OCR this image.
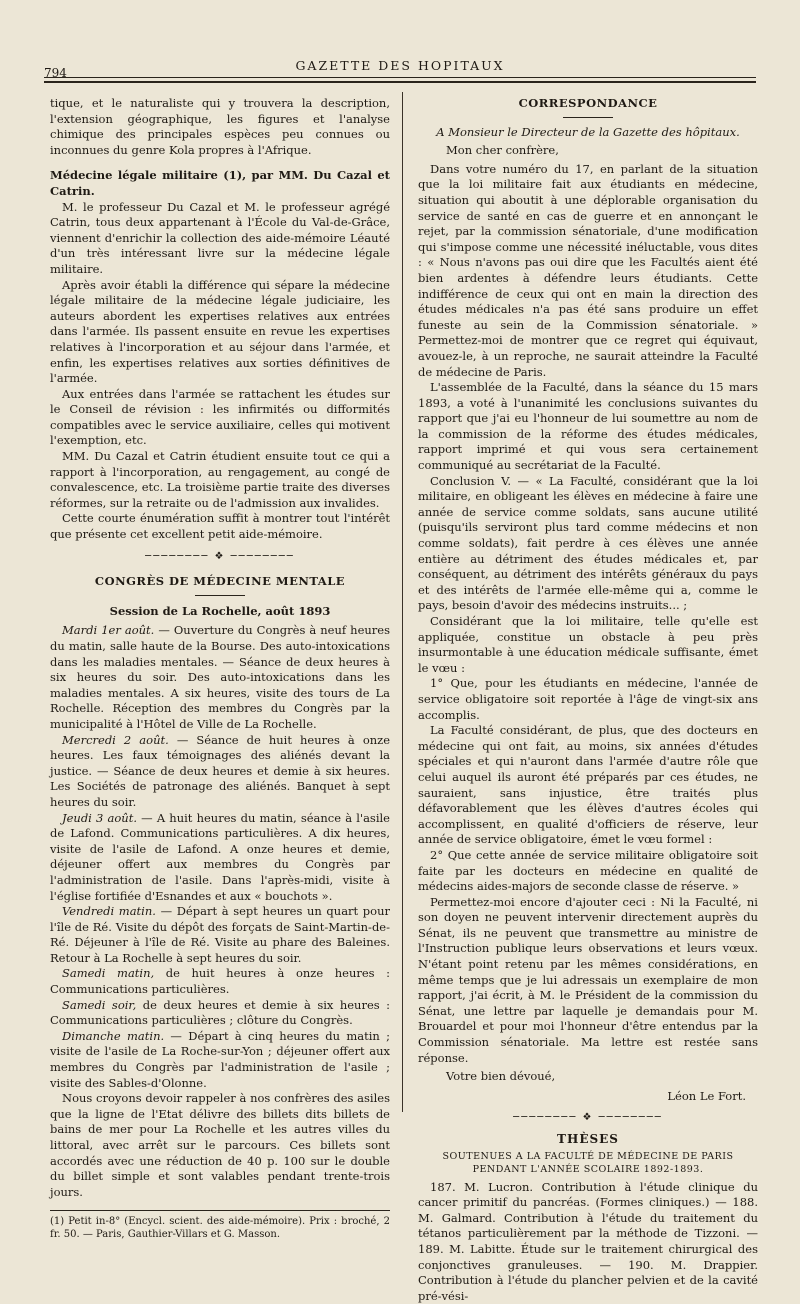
794	GAZETTE DES HOPITAUX

tique, et le naturaliste qui y trouvera la description, l'extension géographique, les figures et l'analyse chimique des principales espèces peu connues ou inconnues du genre Kola propres à l'Afrique.

Médecine légale militaire (1), par MM. Du Cazal et Catrin.

M. le professeur Du Cazal et M. le professeur agrégé Catrin, tous deux appartenant à l'École du Val-de-Grâce, viennent d'enrichir la collection des aide-mémoire Léauté d'un très intéressant livre sur la médecine légale militaire.

Après avoir établi la différence qui sépare la médecine légale militaire de la médecine légale judiciaire, les auteurs abordent les expertises relatives aux entrées dans l'armée. Ils passent ensuite en revue les expertises relatives à l'incorporation et au séjour dans l'armée, et enfin, les expertises relatives aux sorties définitives de l'armée.

Aux entrées dans l'armée se rattachent les études sur le Conseil de révision : les infirmités ou difformités compatibles avec le service auxiliaire, celles qui motivent l'exemption, etc.

MM. Du Cazal et Catrin étudient ensuite tout ce qui a rapport à l'incorporation, au rengagement, au congé de convalescence, etc. La troisième partie traite des diverses réformes, sur la retraite ou de l'admission aux invalides.

Cette courte énumération suffit à montrer tout l'intérêt que présente cet excellent petit aide-mémoire.

──────── ❖ ────────
CONGRÈS DE MÉDECINE MENTALE
Session de La Rochelle, août 1893

Mardi 1er août. — Ouverture du Congrès à neuf heures du matin, salle haute de la Bourse. Des auto-intoxications dans les maladies mentales. — Séance de deux heures à six heures du soir. Des auto-intoxications dans les maladies mentales. A six heures, visite des tours de La Rochelle. Réception des membres du Congrès par la municipalité à l'Hôtel de Ville de La Rochelle.

Mercredi 2 août. — Séance de huit heures à onze heures. Les faux témoignages des aliénés devant la justice. — Séance de deux heures et demie à six heures. Les Sociétés de patronage des aliénés. Banquet à sept heures du soir.

Jeudi 3 août. — A huit heures du matin, séance à l'asile de Lafond. Communications particulières. A dix heures, visite de l'asile de Lafond. A onze heures et demie, déjeuner offert aux membres du Congrès par l'administration de l'asile. Dans l'après-midi, visite à l'église fortifiée d'Esnandes et aux « bouchots ».

Vendredi matin. — Départ à sept heures un quart pour l'île de Ré. Visite du dépôt des forçats de Saint-Martin-de-Ré. Déjeuner à l'île de Ré. Visite au phare des Baleines. Retour à La Rochelle à sept heures du soir.

Samedi matin, de huit heures à onze heures : Communications particulières.

Samedi soir, de deux heures et demie à six heures : Communications particulières ; clôture du Congrès.

Dimanche matin. — Départ à cinq heures du matin ; visite de l'asile de La Roche-sur-Yon ; déjeuner offert aux membres du Congrès par l'administration de l'asile ; visite des Sables-d'Olonne.

Nous croyons devoir rappeler à nos confrères des asiles que la ligne de l'Etat délivre des billets dits billets de bains de mer pour La Rochelle et les autres villes du littoral, avec arrêt sur le parcours. Ces billets sont accordés avec une réduction de 40 p. 100 sur le double du billet simple et sont valables pendant trente-trois jours.

(1) Petit in-8° (Encycl. scient. des aide-mémoire). Prix : broché, 2 fr. 50. — Paris, Gauthier-Villars et G. Masson.
CORRESPONDANCE

A Monsieur le Directeur de la Gazette des hôpitaux.

Mon cher confrère,

Dans votre numéro du 17, en parlant de la situation que la loi militaire fait aux étudiants en médecine, situation qui aboutit à une déplorable organisation du service de santé en cas de guerre et en annonçant le rejet, par la commission sénatoriale, d'une modification qui s'impose comme une nécessité inéluctable, vous dites : « Nous n'avons pas oui dire que les Facultés aient été bien ardentes à défendre leurs étudiants. Cette indifférence de ceux qui ont en main la direction des études médicales n'a pas été sans produire un effet funeste au sein de la Commission sénatoriale. » Permettez-moi de montrer que ce regret qui équivaut, avouez-le, à un reproche, ne saurait atteindre la Faculté de médecine de Paris.

L'assemblée de la Faculté, dans la séance du 15 mars 1893, a voté à l'unanimité les conclusions suivantes du rapport que j'ai eu l'honneur de lui soumettre au nom de la commission de la réforme des études médicales, rapport imprimé et qui vous sera certainement communiqué au secrétariat de la Faculté.

Conclusion V. — « La Faculté, considérant que la loi militaire, en obligeant les élèves en médecine à faire une année de service comme soldats, sans aucune utilité (puisqu'ils serviront plus tard comme médecins et non comme soldats), fait perdre à ces élèves une année entière au détriment des études médicales et, par conséquent, au détriment des intérêts généraux du pays et des intérêts de l'armée elle-même qui a, comme le pays, besoin d'avoir des médecins instruits... ;

Considérant que la loi militaire, telle qu'elle est appliquée, constitue un obstacle à peu près insurmontable à une éducation médicale suffisante, émet le vœu :

1° Que, pour les étudiants en médecine, l'année de service obligatoire soit reportée à l'âge de vingt-six ans accomplis.

La Faculté considérant, de plus, que des docteurs en médecine qui ont fait, au moins, six années d'études spéciales et qui n'auront dans l'armée d'autre rôle que celui auquel ils auront été préparés par ces études, ne sauraient, sans injustice, être traités plus défavorablement que les élèves d'autres écoles qui accomplissent, en qualité d'officiers de réserve, leur année de service obligatoire, émet le vœu formel :

2° Que cette année de service militaire obligatoire soit faite par les docteurs en médecine en qualité de médecins aides-majors de seconde classe de réserve. »

Permettez-moi encore d'ajouter ceci : Ni la Faculté, ni son doyen ne peuvent intervenir directement auprès du Sénat, ils ne peuvent que transmettre au ministre de l'Instruction publique leurs observations et leurs vœux. N'étant point retenu par les mêmes considérations, en même temps que je lui adressais un exemplaire de mon rapport, j'ai écrit, à M. le Président de la commission du Sénat, une lettre par laquelle je demandais pour M. Brouardel et pour moi l'honneur d'être entendus par la Commission sénatoriale. Ma lettre est restée sans réponse.

Votre bien dévoué,

Léon Le Fort.

──────── ❖ ────────
THÈSES
SOUTENUES A LA FACULTÉ DE MÉDECINE DE PARIS
PENDANT L'ANNÉE SCOLAIRE 1892-1893.

187. M. Lucron. Contribution à l'étude clinique du cancer primitif du pancréas. (Formes cliniques.) — 188. M. Galmard. Contribution à l'étude du traitement du tétanos particulièrement par la méthode de Tizzoni. — 189. M. Labitte. Étude sur le traitement chirurgical des conjonctives granuleuses. — 190. M. Drappier. Contribution à l'étude du plancher pelvien et de la cavité pré-vési-
